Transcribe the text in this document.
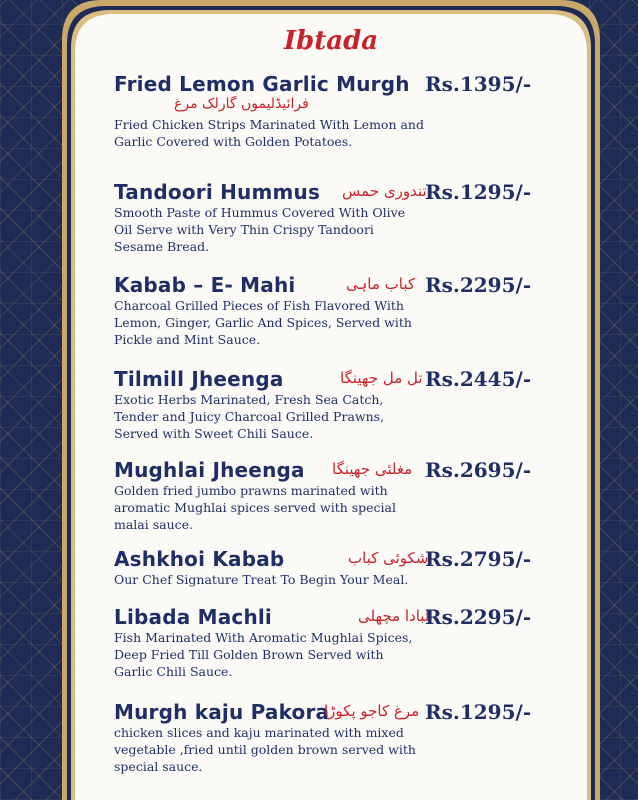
Ibtada
Fried Lemon Garlic Murgh Rs.1395/-
فرائیڈلیموں گارلک مرغ
Fried Chicken Strips Marinated With Lemon and Garlic Covered with Golden Potatoes.
Tandoori Hummus تندوری حمس
Rs.1295/-
Smooth Paste of Hummus Covered With Olive Oil Serve with Very Thin Crispy Tandoori Sesame Bread.
Kabab – E- Mahi	کباب ماہی Rs.2295/-
Charcoal Grilled Pieces of Fish Flavored With Lemon, Ginger, Garlic And Spices, Served with Pickle and Mint Sauce.
Tilmill Jheenga	تل مل جھینگا Rs.2445/-
Exotic Herbs Marinated, Fresh Sea Catch, Tender and Juicy Charcoal Grilled Prawns, Served with Sweet Chili Sauce.
Mughlai Jheenga مغلئی جھینگا Rs.2695/-
Golden fried jumbo prawns marinated with aromatic Mughlai spices served with special malai sauce.
Ashkhoi Kabab	اشکوئی کباب
Rs.2795/-
Our Chef Signature Treat To Begin Your Meal.
Libada Machli	لبادا مچھلی
Rs.2295/-
Fish Marinated With Aromatic Mughlai Spices, Deep Fried Till Golden Brown Served with Garlic Chili Sauce.
Murgh kaju Pakora
مرغ کاجو پکوڑا Rs.1295/-
chicken slices and kaju marinated with mixed vegetable ,fried until golden brown served with special sauce.
